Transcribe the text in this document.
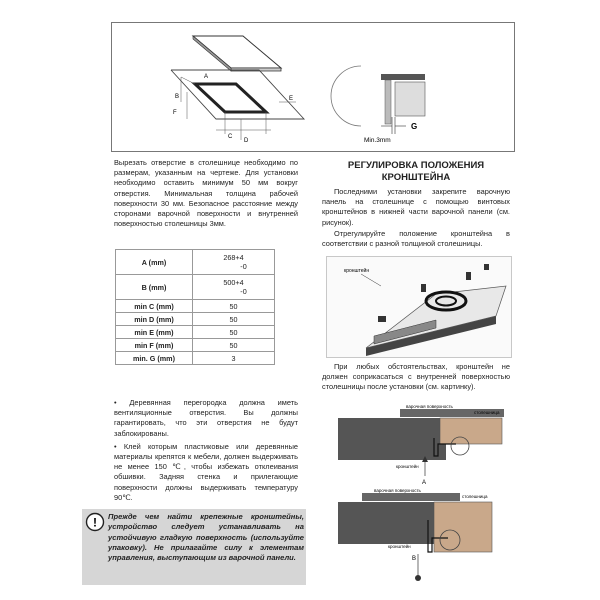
A
B
C
D
E
F
G
Min.3mm

Вырезать отверстие в столешнице необходимо по размерам, указанным на чертеже. Для установки необходимо оставить минимум 50 мм вокруг отверстия. Минимальная толщина рабочей поверхности 30 мм. Безопасное расстояние между сторонами варочной поверхности и внутренней поверхностью столешницы 3мм.

A (mm)	268+4
-0

B (mm)	500+4
-0

min C (mm)	50
min D (mm)	50
min E (mm)	50
min F (mm)	50
min. G (mm)	3

• Деревянная перегородка должна иметь вентиляционные отверстия. Вы должны гарантировать, что эти отверстия не будут заблокированы.

• Клей которым пластиковые или деревянные материалы крепятся к мебели, должен выдерживать не менее 150 ℃, чтобы избежать отклеивания обшивки. Задняя стенка и прилегающие поверхности должны выдерживать температуру 90℃.

! Прежде чем найти крепежные кронштейны, устройство следует устанавливать на устойчивую гладкую поверхность (используйте упаковку). Не прилагайте силу к элементам управления, выступающим из варочной панели.

РЕГУЛИРОВКА ПОЛОЖЕНИЯ
КРОНШТЕЙНА

Последними установки закрепите варочную панель на столешнице с помощью винтовых кронштейнов в нижней части варочной панели (см. рисунок).

Отрегулируйте положение кронштейна в соответствии с разной толщиной столешницы.

кронштейн

При любых обстоятельствах, кронштейн не должен соприкасаться с внутренней поверхностью столешницы после установки (см. картинку).

варочная поверхность
столешница
кронштейн
A
варочная поверхность
столешница
кронштейн
B
